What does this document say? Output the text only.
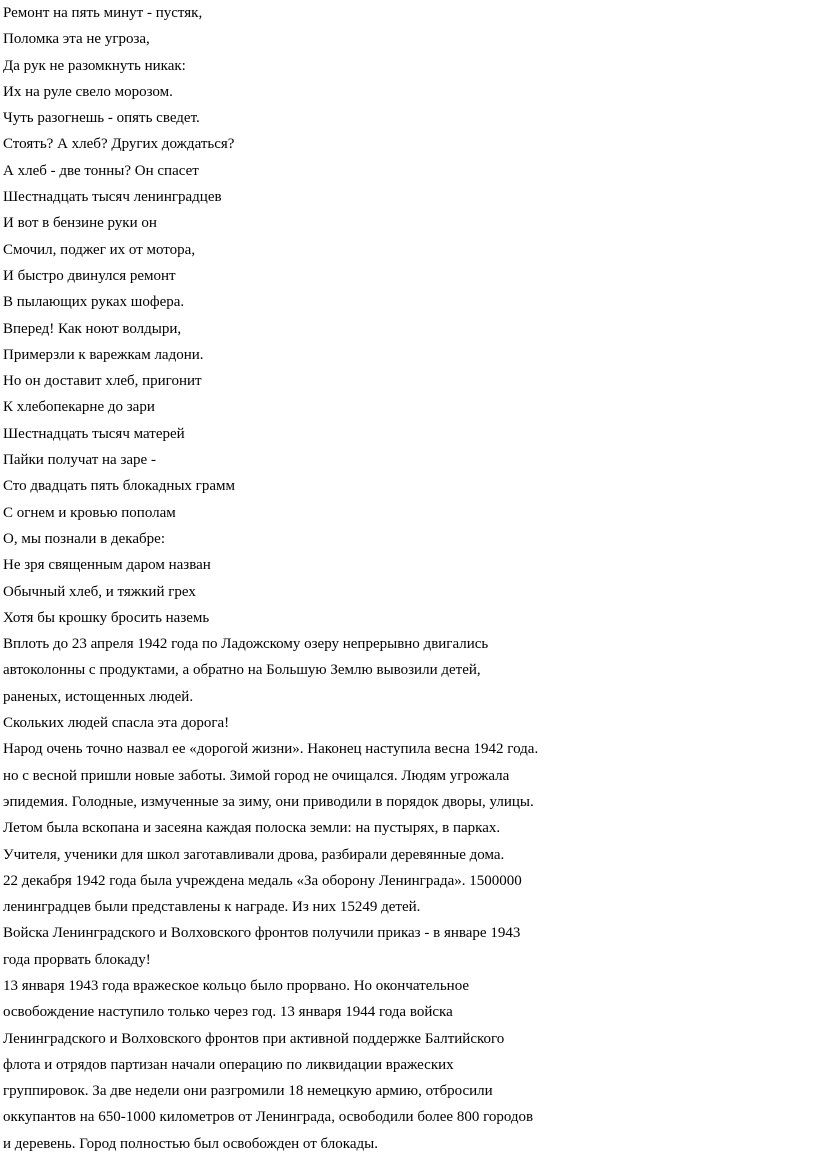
Ремонт на пять минут - пустяк,
Поломка эта не угроза,
Да рук не разомкнуть никак:
Их на руле свело морозом.
Чуть разогнешь - опять сведет.
Стоять? А хлеб? Других дождаться?
А хлеб - две тонны? Он спасет
Шестнадцать тысяч ленинградцев
И вот в бензине руки он
Смочил, поджег их от мотора,
И быстро двинулся ремонт
В пылающих руках шофера.
Вперед! Как ноют волдыри,
Примерзли к варежкам ладони.
Но он доставит хлеб, пригонит
К хлебопекарне до зари
Шестнадцать тысяч матерей
Пайки получат на заре -
Сто двадцать пять блокадных грамм
С огнем и кровью пополам
О, мы познали в декабре:
Не зря священным даром назван
Обычный хлеб, и тяжкий грех
Хотя бы крошку бросить наземь
Вплоть до 23 апреля 1942 года по Ладожскому озеру непрерывно двигались
автоколонны с продуктами, а обратно на Большую Землю вывозили детей,
раненых, истощенных людей.
Скольких людей спасла эта дорога!
Народ очень точно назвал ее «дорогой жизни». Наконец наступила весна 1942 года.
но с весной пришли новые заботы. Зимой город не очищался. Людям угрожала
эпидемия. Голодные, измученные за зиму, они приводили в порядок дворы, улицы.
Летом была вскопана и засеяна каждая полоска земли: на пустырях, в парках.
Учителя, ученики для школ заготавливали дрова, разбирали деревянные дома.
22 декабря 1942 года была учреждена медаль «За оборону Ленинграда». 1500000
ленинградцев были представлены к награде. Из них 15249 детей.
Войска Ленинградского и Волховского фронтов получили приказ - в январе 1943
года прорвать блокаду!
13 января 1943 года вражеское кольцо было прорвано. Но окончательное
освобождение наступило только через год. 13 января 1944 года войска
Ленинградского и Волховского фронтов при активной поддержке Балтийского
флота и отрядов партизан начали операцию по ликвидации вражеских
группировок. За две недели они разгромили 18 немецкую армию, отбросили
оккупантов на 650-1000 километров от Ленинграда, освободили более 800 городов
и деревень. Город полностью был освобожден от блокады.
